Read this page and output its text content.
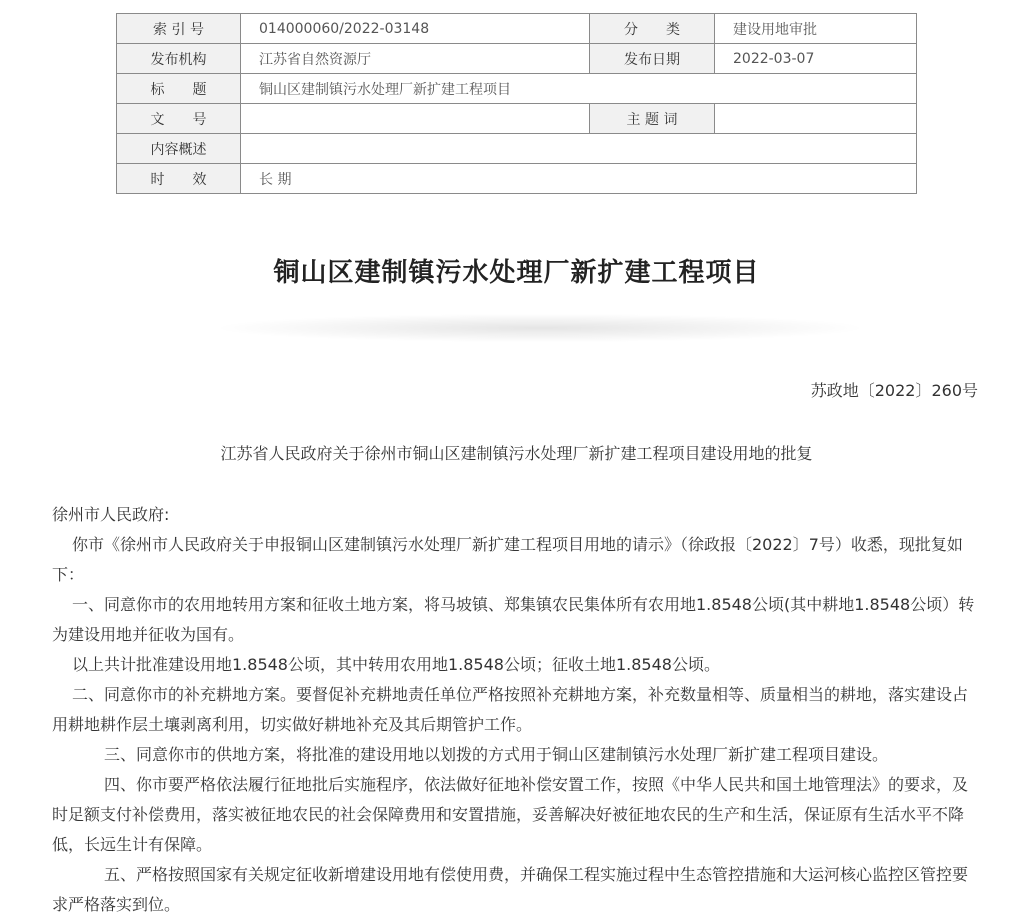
索 引 号	014000060/2022-03148	分　　类	建设用地审批
发布机构	江苏省自然资源厅	发布日期	2022-03-07
标　　题	铜山区建制镇污水处理厂新扩建工程项目		
文　　号		主 题 词	
内容概述			
时　　效	长 期		
铜山区建制镇污水处理厂新扩建工程项目
苏政地〔2022〕260号
江苏省人民政府关于徐州市铜山区建制镇污水处理厂新扩建工程项目建设用地的批复

徐州市人民政府:

你市《徐州市人民政府关于申报铜山区建制镇污水处理厂新扩建工程项目用地的请示》（徐政报〔2022〕7号）收悉，现批复如下：

一、同意你市的农用地转用方案和征收土地方案，将马坡镇、郑集镇农民集体所有农用地1.8548公顷(其中耕地1.8548公顷）转为建设用地并征收为国有。

以上共计批准建设用地1.8548公顷，其中转用农用地1.8548公顷；征收土地1.8548公顷。

二、同意你市的补充耕地方案。要督促补充耕地责任单位严格按照补充耕地方案，补充数量相等、质量相当的耕地，落实建设占用耕地耕作层土壤剥离利用，切实做好耕地补充及其后期管护工作。

三、同意你市的供地方案，将批准的建设用地以划拨的方式用于铜山区建制镇污水处理厂新扩建工程项目建设。

四、你市要严格依法履行征地批后实施程序，依法做好征地补偿安置工作，按照《中华人民共和国土地管理法》的要求，及时足额支付补偿费用，落实被征地农民的社会保障费用和安置措施，妥善解决好被征地农民的生产和生活，保证原有生活水平不降低，长远生计有保障。

五、严格按照国家有关规定征收新增建设用地有偿使用费，并确保工程实施过程中生态管控措施和大运河核心监控区管控要求严格落实到位。
